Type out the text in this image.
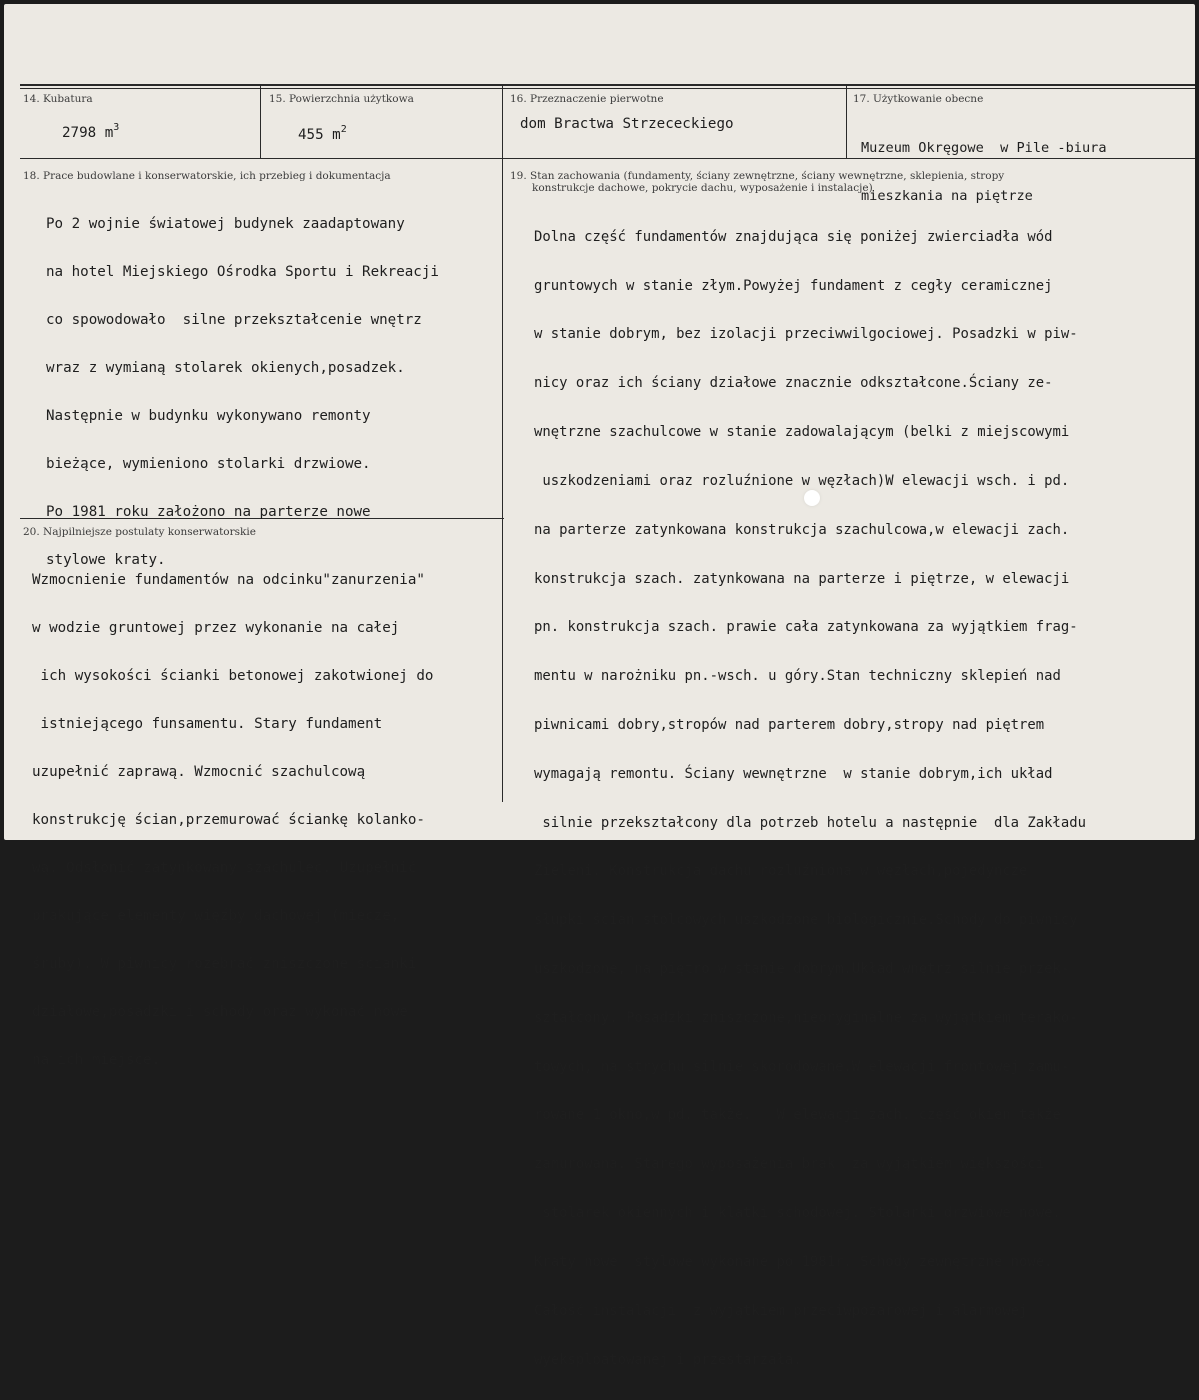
14. Kubatura
2798 $m^3$
15. Powierzchnia użytkowa
455 $m^2$
16. Przeznaczenie pierwotne
dom Bractwa Strzececkiego
17. Użytkowanie obecne

Muzeum Okręgowe  w Pile -biura

mieszkania na piętrze

18. Prace budowlane i konserwatorskie, ich przebieg i dokumentacja

Po 2 wojnie światowej budynek zaadaptowany

na hotel Miejskiego Ośrodka Sportu i Rekreacji

co spowodowało  silne przekształcenie wnętrz

wraz z wymianą stolarek okienych,posadzek.

Następnie w budynku wykonywano remonty

bieżące, wymieniono stolarki drzwiowe.

Po 1981 roku założono na parterze nowe

stylowe kraty.

19. Stan zachowania (fundamenty, ściany zewnętrzne, ściany wewnętrzne, sklepienia, stropy
konstrukcje dachowe, pokrycie dachu, wyposażenie i instalacje)

Dolna część fundamentów znajdująca się poniżej zwierciadła wód

gruntowych w stanie złym.Powyżej fundament z cegły ceramicznej

w stanie dobrym, bez izolacji przeciwwilgociowej. Posadzki w piw-

nicy oraz ich ściany działowe znacznie odkształcone.Ściany ze-

wnętrzne szachulcowe w stanie zadowalającym (belki z miejscowymi

uszkodzeniami oraz rozluźnione w węzłach)W elewacji wsch. i pd.

na parterze zatynkowana konstrukcja szachulcowa,w elewacji zach.

konstrukcja szach. zatynkowana na parterze i piętrze, w elewacji

pn. konstrukcja szach. prawie cała zatynkowana za wyjątkiem frag-

mentu w narożniku pn.-wsch. u góry.Stan techniczny sklepień nad

piwnicami dobry,stropów nad parterem dobry,stropy nad piętrem

wymagają remontu. Ściany wewnętrzne  w stanie dobrym,ich układ

silnie przekształcony dla potrzeb hotelu a następnie  dla Zakładu

Zieleni. Konstrukcja dachu rozluźniona w węzłach,pojedyncze

słupki ścian stolcowych uszkodzone biologicznie.Schody do piwnicy

uszkodzone, na piętro w stanie dobrym.Układ wnętrz silnie przek-

ształcony. Posadzki zniszczone,nieoryginalne za wyjątkiem terako-

towych, na strychu silnie skorodowane.W elewacji frontowej zamu-

rowane 1 okno,w pd. także.   W elewacji zach. część okien także

zamurowana. Starego wyposażenia brak  za wyjątkiem większości

stolarek okiennych i klatki schodowej. Stolarki drzwiowe nowe.

Kraty nowe  stylowe wykonane po 1981r. Schody zewnętrzne nowe.

Całość instalacji  z wyjątkiem przeciwpożarowej i alarmowej

wyeksploatowanej i przestarzała.

20. Najpilniejsze postulaty konserwatorskie

Wzmocnienie fundamentów na odcinku"zanurzenia"

w wodzie gruntowej przez wykonanie na całej

ich wysokości ścianki betonowej zakotwionej do

istniejącego funsamentu. Stary fundament

uzupełnić zaprawą. Wzmocnić szachulcową

konstrukcję ścian,przemurować ściankę kolanko-

wą. Odsłonić zatynkowany szachulec. Uzupełnić

brakujące elementy więźby dachowej (miecze,

śruby). W piwnicy rozebrać zniszczone ścianki

działowe,posadzki i schody oraz wykonać nowe

na ich miejsce.
